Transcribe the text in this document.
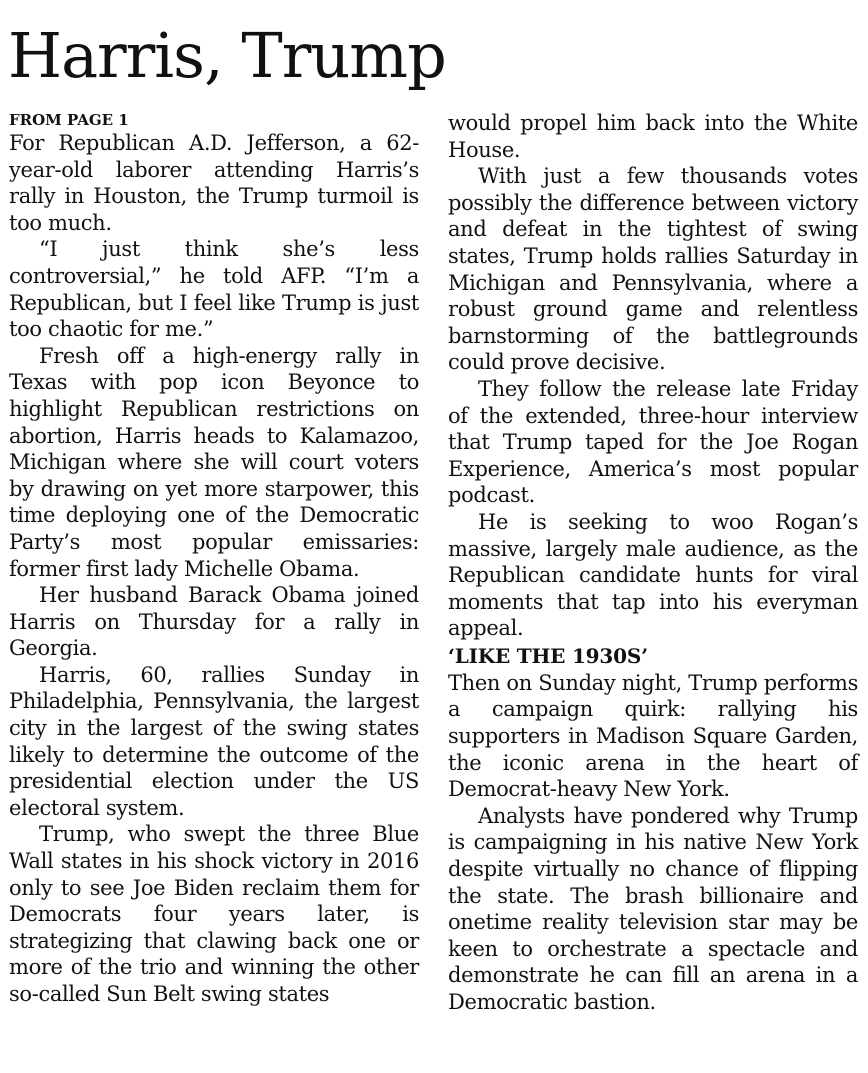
Harris, Trump

FROM PAGE 1

For Republican A.D. Jefferson, a 62-year-old laborer attending Harris’s rally in Houston, the Trump turmoil is too much.

“I just think she’s less controversial,” he told AFP. “I’m a Republican, but I feel like Trump is just too chaotic for me.”

Fresh off a high-energy rally in Texas with pop icon Beyonce to highlight Republican restrictions on abortion, Harris heads to Kalamazoo, Michigan where she will court voters by drawing on yet more starpower, this time deploying one of the Democratic Party’s most popular emissaries: former first lady Michelle Obama.

Her husband Barack Obama joined Harris on Thursday for a rally in Georgia.

Harris, 60, rallies Sunday in Philadelphia, Pennsylvania, the largest city in the largest of the swing states likely to determine the outcome of the presidential election under the US electoral system.

Trump, who swept the three Blue Wall states in his shock victory in 2016 only to see Joe Biden reclaim them for Democrats four years later, is strategizing that clawing back one or more of the trio and winning the other so-called Sun Belt swing states

would propel him back into the White House.

With just a few thousands votes possibly the difference between victory and defeat in the tightest of swing states, Trump holds rallies Saturday in Michigan and Pennsylvania, where a robust ground game and relentless barnstorming of the battlegrounds could prove decisive.

They follow the release late Friday of the extended, three-hour interview that Trump taped for the Joe Rogan Experience, America’s most popular podcast.

He is seeking to woo Rogan’s massive, largely male audience, as the Republican candidate hunts for viral moments that tap into his everyman appeal.

‘LIKE THE 1930S’

Then on Sunday night, Trump performs a campaign quirk: rallying his supporters in Madison Square Garden, the iconic arena in the heart of Democrat-heavy New York.

Analysts have pondered why Trump is campaigning in his native New York despite virtually no chance of flipping the state. The brash billionaire and onetime reality television star may be keen to orchestrate a spectacle and demonstrate he can fill an arena in a Democratic bastion.
